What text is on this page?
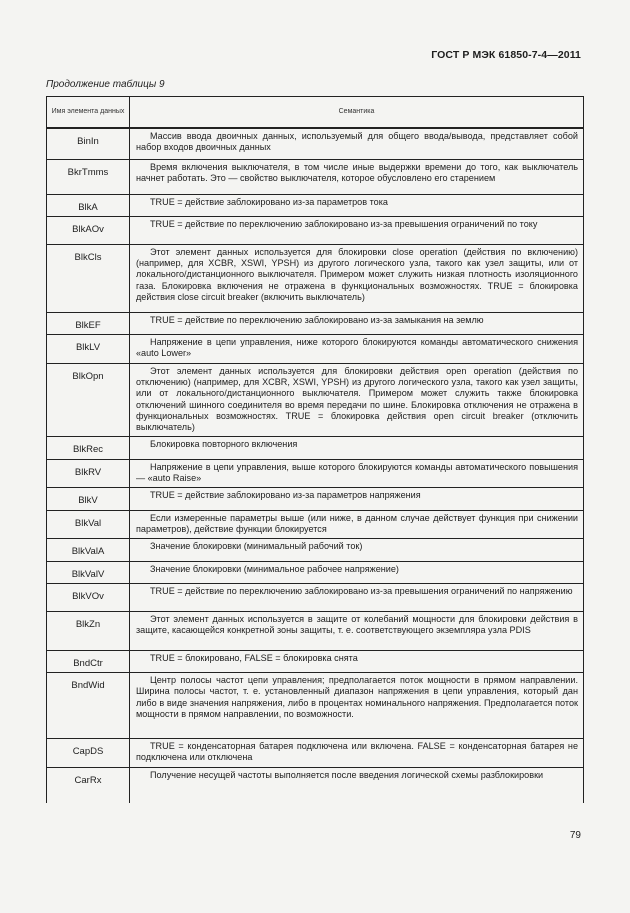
ГОСТ Р МЭК 61850-7-4—2011
Продолжение таблицы 9
Имя элемента данных	Семантика
BinIn	Массив ввода двоичных данных, используемый для общего ввода/вывода, представляет собой набор входов двоичных данных

BkrTmms	Время включения выключателя, в том числе иные выдержки времени до того, как выключатель начнет работать. Это — свойство выключателя, которое обусловлено его старением

BlkA	TRUE = действие заблокировано из-за параметров тока

BlkAOv	TRUE = действие по переключению заблокировано из-за превышения ограничений по току

BlkCls	Этот элемент данных используется для блокировки close operation (действия по включению) (например, для XCBR, XSWI, YPSH) из другого логического узла, такого как узел защиты, или от локального/дистанционного выключателя. Примером может служить низкая плотность изоляционного газа. Блокировка включения не отражена в функциональных возможностях. TRUE = блокировка действия close circuit breaker (включить выключатель)

BlkEF	TRUE = действие по переключению заблокировано из-за замыкания на землю

BlkLV	Напряжение в цепи управления, ниже которого блокируются команды автоматического снижения «auto Lower»

BlkOpn	Этот элемент данных используется для блокировки действия open operation (действия по отключению) (например, для XCBR, XSWI, YPSH) из другого логического узла, такого как узел защиты, или от локального/дистанционного выключателя. Примером может служить также блокировка отключений шинного соединителя во время передачи по шине. Блокировка отключения не отражена в функциональных возможностях. TRUE = блокировка действия open circuit breaker (отключить выключатель)

BlkRec	Блокировка повторного включения

BlkRV	Напряжение в цепи управления, выше которого блокируются команды автоматического повышения — «auto Raise»

BlkV	TRUE = действие заблокировано из-за параметров напряжения

BlkVal	Если измеренные параметры выше (или ниже, в данном случае действует функция при снижении параметров), действие функции блокируется

BlkValA	Значение блокировки (минимальный рабочий ток)

BlkValV	Значение блокировки (минимальное рабочее напряжение)

BlkVOv	TRUE = действие по переключению заблокировано из-за превышения ограничений по напряжению

BlkZn	Этот элемент данных используется в защите от колебаний мощности для блокировки действия в защите, касающейся конкретной зоны защиты, т. е. соответствующего экземпляра узла PDIS

BndCtr	TRUE = блокировано, FALSE = блокировка снята

BndWid	Центр полосы частот цепи управления; предполагается поток мощности в прямом направлении. Ширина полосы частот, т. е. установленный диапазон напряжения в цепи управления, который дан либо в виде значения напряжения, либо в процентах номинального напряжения. Предполагается поток мощности в прямом направлении, по возможности.

CapDS	TRUE = конденсаторная батарея подключена или включена. FALSE = конденсаторная батарея не подключена или отключена

CarRx	Получение несущей частоты выполняется после введения логической схемы разблокировки
79
